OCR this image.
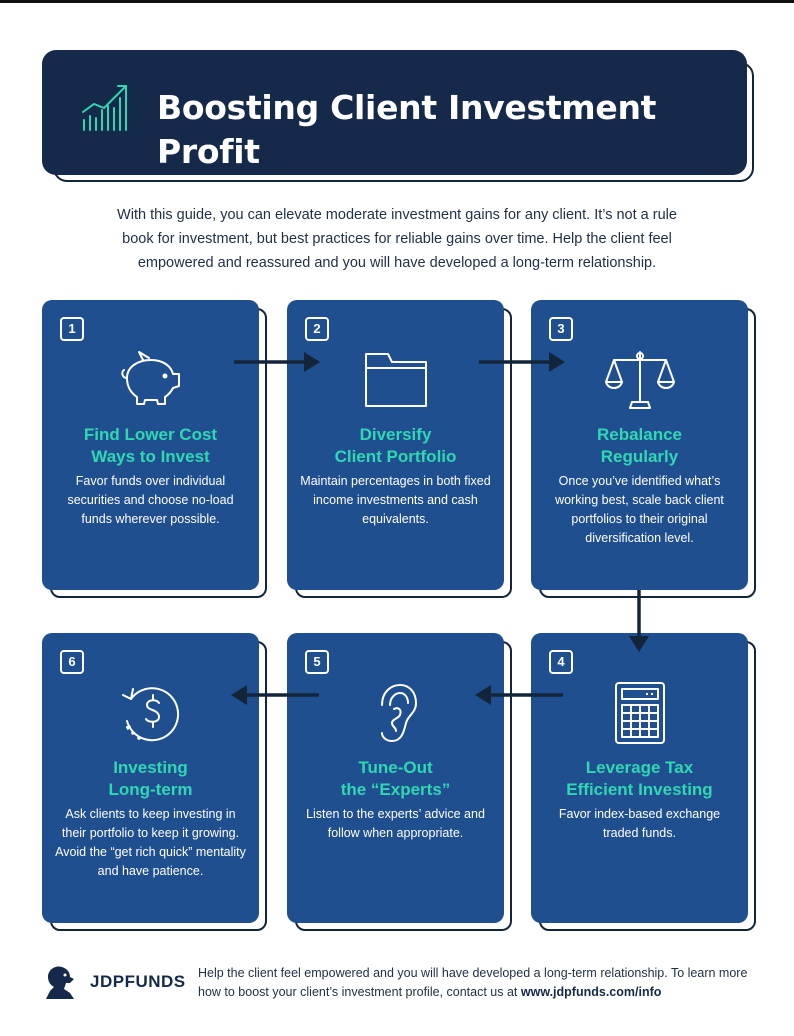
Boosting Client Investment Profit
With this guide, you can elevate moderate investment gains for any client. It’s not a rule book for investment, but best practices for reliable gains over time. Help the client feel empowered and reassured and you will have developed a long-term relationship.
1
Find Lower Cost
Ways to Invest
Favor funds over individual securities and choose no-load funds wherever possible.
2
Diversify
Client Portfolio
Maintain percentages in both fixed income investments and cash equivalents.
3
Rebalance
Regularly
Once you’ve identified what’s working best, scale back client portfolios to their original diversification level.
6
Investing
Long-term
Ask clients to keep investing in their portfolio to keep it growing. Avoid the “get rich quick” mentality and have patience.
5
Tune-Out
the “Experts”
Listen to the experts’ advice and follow when appropriate.
4
Leverage Tax
Efficient Investing
Favor index-based exchange traded funds.
JDPFUNDS Help the client feel empowered and you will have developed a long-term relationship. To learn more how to boost your client’s investment profile, contact us at www.jdpfunds.com/info
